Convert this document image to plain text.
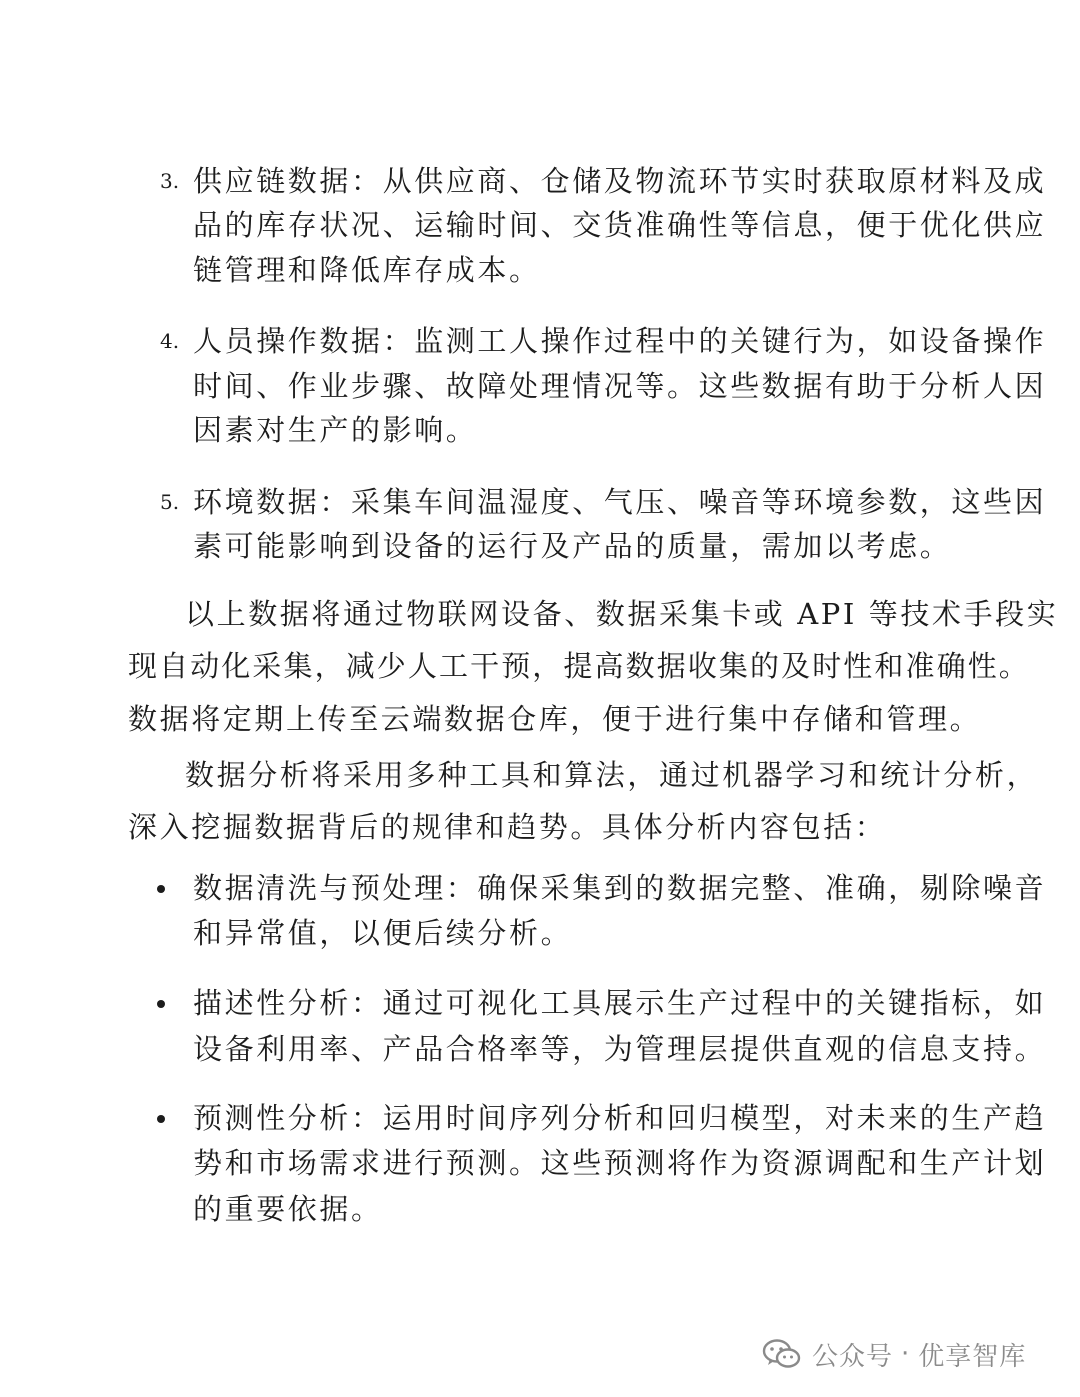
3. 供应链数据：从供应商、仓储及物流环节实时获取原材料及成
品的库存状况、运输时间、交货准确性等信息，便于优化供应
链管理和降低库存成本。
4. 人员操作数据：监测工人操作过程中的关键行为，如设备操作
时间、作业步骤、故障处理情况等。这些数据有助于分析人因
因素对生产的影响。
5. 环境数据：采集车间温湿度、气压、噪音等环境参数，这些因
素可能影响到设备的运行及产品的质量，需加以考虑。
以上数据将通过物联网设备、数据采集卡或 API 等技术手段实
现自动化采集，减少人工干预，提高数据收集的及时性和准确性。
数据将定期上传至云端数据仓库，便于进行集中存储和管理。
数据分析将采用多种工具和算法，通过机器学习和统计分析，
深入挖掘数据背后的规律和趋势。具体分析内容包括：
数据清洗与预处理：确保采集到的数据完整、准确，剔除噪音
和异常值，以便后续分析。
描述性分析：通过可视化工具展示生产过程中的关键指标，如
设备利用率、产品合格率等，为管理层提供直观的信息支持。
预测性分析：运用时间序列分析和回归模型，对未来的生产趋
势和市场需求进行预测。这些预测将作为资源调配和生产计划
的重要依据。
公众号 · 优享智库
